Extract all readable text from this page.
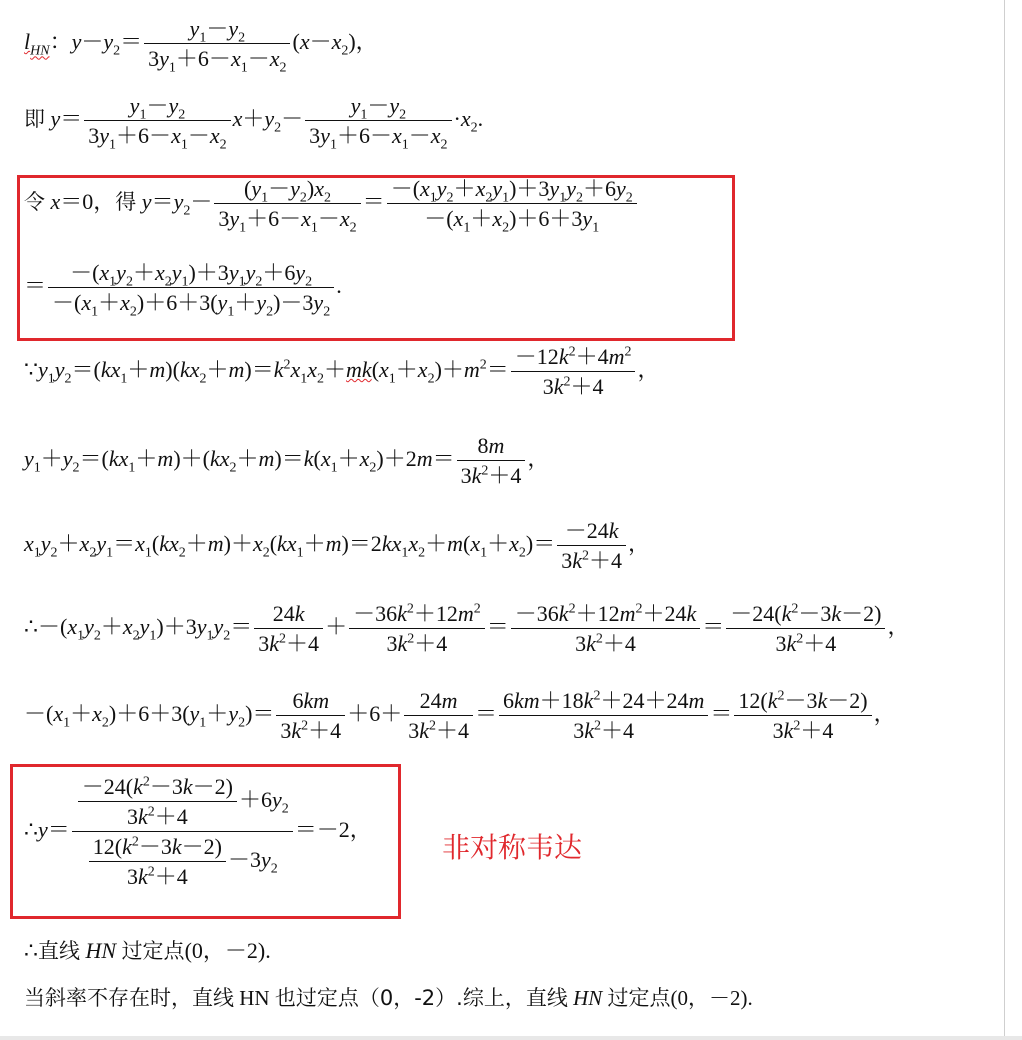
$l_{HN}$：$y-y_2= \frac{y_1-y_2}{3y_1+6-x_1-x_2} (x-x_2)$，
即 $y= \frac{y_1-y_2}{3y_1+6-x_1-x_2} x+y_2- \frac{y_1-y_2}{3y_1+6-x_1-x_2} \cdot x_2$.
令 x＝0，得 $y=y_2- \frac{(y_1-y_2)x_2}{3y_1+6-x_1-x_2} = \frac{-(x_1y_2+x_2y_1)+3y_1y_2+6y_2}{-(x_1+x_2)+6+3y_1}$
＝ $\frac{-(x_1y_2+x_2y_1)+3y_1y_2+6y_2}{-(x_1+x_2)+6+3(y_1+y_2)-3y_2}$ .
$\because y_1y_2=(kx_1+m)(kx_2+m)=k^2x_1x_2+mk(x_1+x_2)+m^2= \frac{-12k^2+4m^2}{3k^2+4}$ ，
$y_1+y_2=(kx_1+m)+(kx_2+m)=k(x_1+x_2)+2m= \frac{8m}{3k^2+4}$ ，
$x_1y_2+x_2y_1=x_1(kx_2+m)+x_2(kx_1+m)=2kx_1x_2+m(x_1+x_2)= \frac{-24k}{3k^2+4}$ ，
$\therefore-(x_1y_2+x_2y_1)+3y_1y_2= \frac{24k}{3k^2+4} + \frac{-36k^2+12m^2}{3k^2+4} = \frac{-36k^2+12m^2+24k}{3k^2+4} = \frac{-24(k^2-3k-2)}{3k^2+4}$ ，
$-(x_1+x_2)+6+3(y_1+y_2)= \frac{6km}{3k^2+4} +6+ \frac{24m}{3k^2+4} = \frac{6km+18k^2+24+24m}{3k^2+4} = \frac{12(k^2-3k-2)}{3k^2+4}$ ，
∴y＝ $\frac{\frac{-24(k^2-3k-2)}{3k^2+4} +6y_2}{\frac{12(k^2-3k-2)}{3k^2+4} -3y_2} =-2$，
非对称韦达
∴直线 HN 过定点(0，－2).
当斜率不存在时，直线 HN 也过定点（0，-2）.综上，直线 HN 过定点(0，－2).
